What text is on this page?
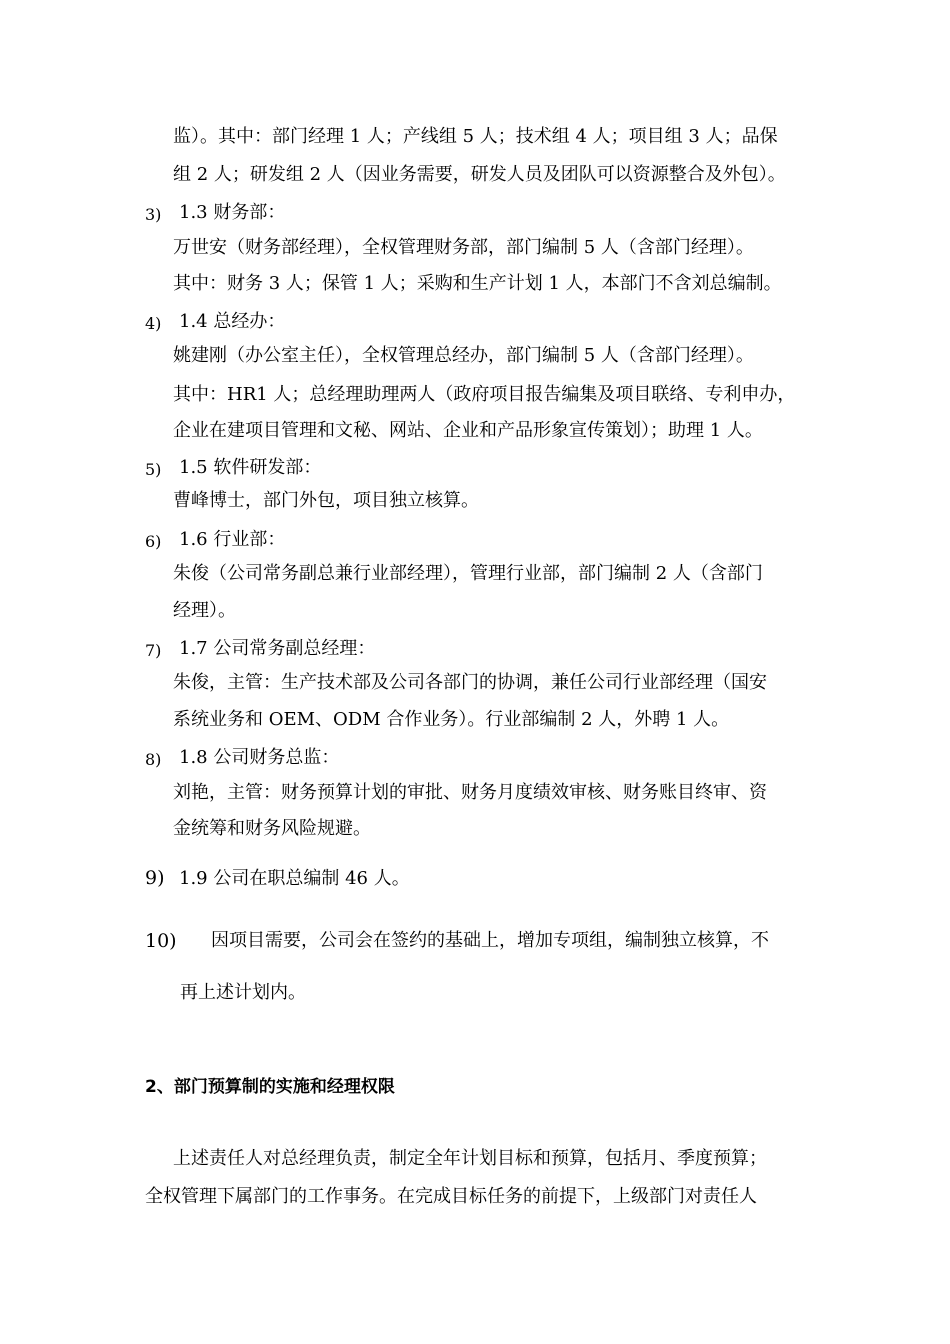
监）。其中：部门经理 1 人；产线组 5 人；技术组 4 人；项目组 3 人；品保
组 2 人；研发组 2 人（因业务需要，研发人员及团队可以资源整合及外包）。
3) 1.3 财务部：
万世安（财务部经理），全权管理财务部，部门编制 5 人（含部门经理）。
其中：财务 3 人；保管 1 人；采购和生产计划 1 人，本部门不含刘总编制。
4) 1.4 总经办：
姚建刚（办公室主任），全权管理总经办，部门编制 5 人（含部门经理）。
其中：HR1 人；总经理助理两人（政府项目报告编集及项目联络、专利申办，
企业在建项目管理和文秘、网站、企业和产品形象宣传策划）；助理 1 人。
5) 1.5 软件研发部：
曹峰博士，部门外包，项目独立核算。
6) 1.6 行业部：
朱俊（公司常务副总兼行业部经理），管理行业部，部门编制 2 人（含部门
经理）。
7) 1.7 公司常务副总经理：
朱俊，主管：生产技术部及公司各部门的协调，兼任公司行业部经理（国安
系统业务和 OEM、ODM 合作业务）。行业部编制 2 人，外聘 1 人。
8) 1.8 公司财务总监：
刘艳，主管：财务预算计划的审批、财务月度绩效审核、财务账目终审、资
金统筹和财务风险规避。
9) 1.9 公司在职总编制 46 人。
10) 因项目需要，公司会在签约的基础上，增加专项组，编制独立核算，不
再上述计划内。
2、部门预算制的实施和经理权限
上述责任人对总经理负责，制定全年计划目标和预算，包括月、季度预算；
全权管理下属部门的工作事务。在完成目标任务的前提下，上级部门对责任人
